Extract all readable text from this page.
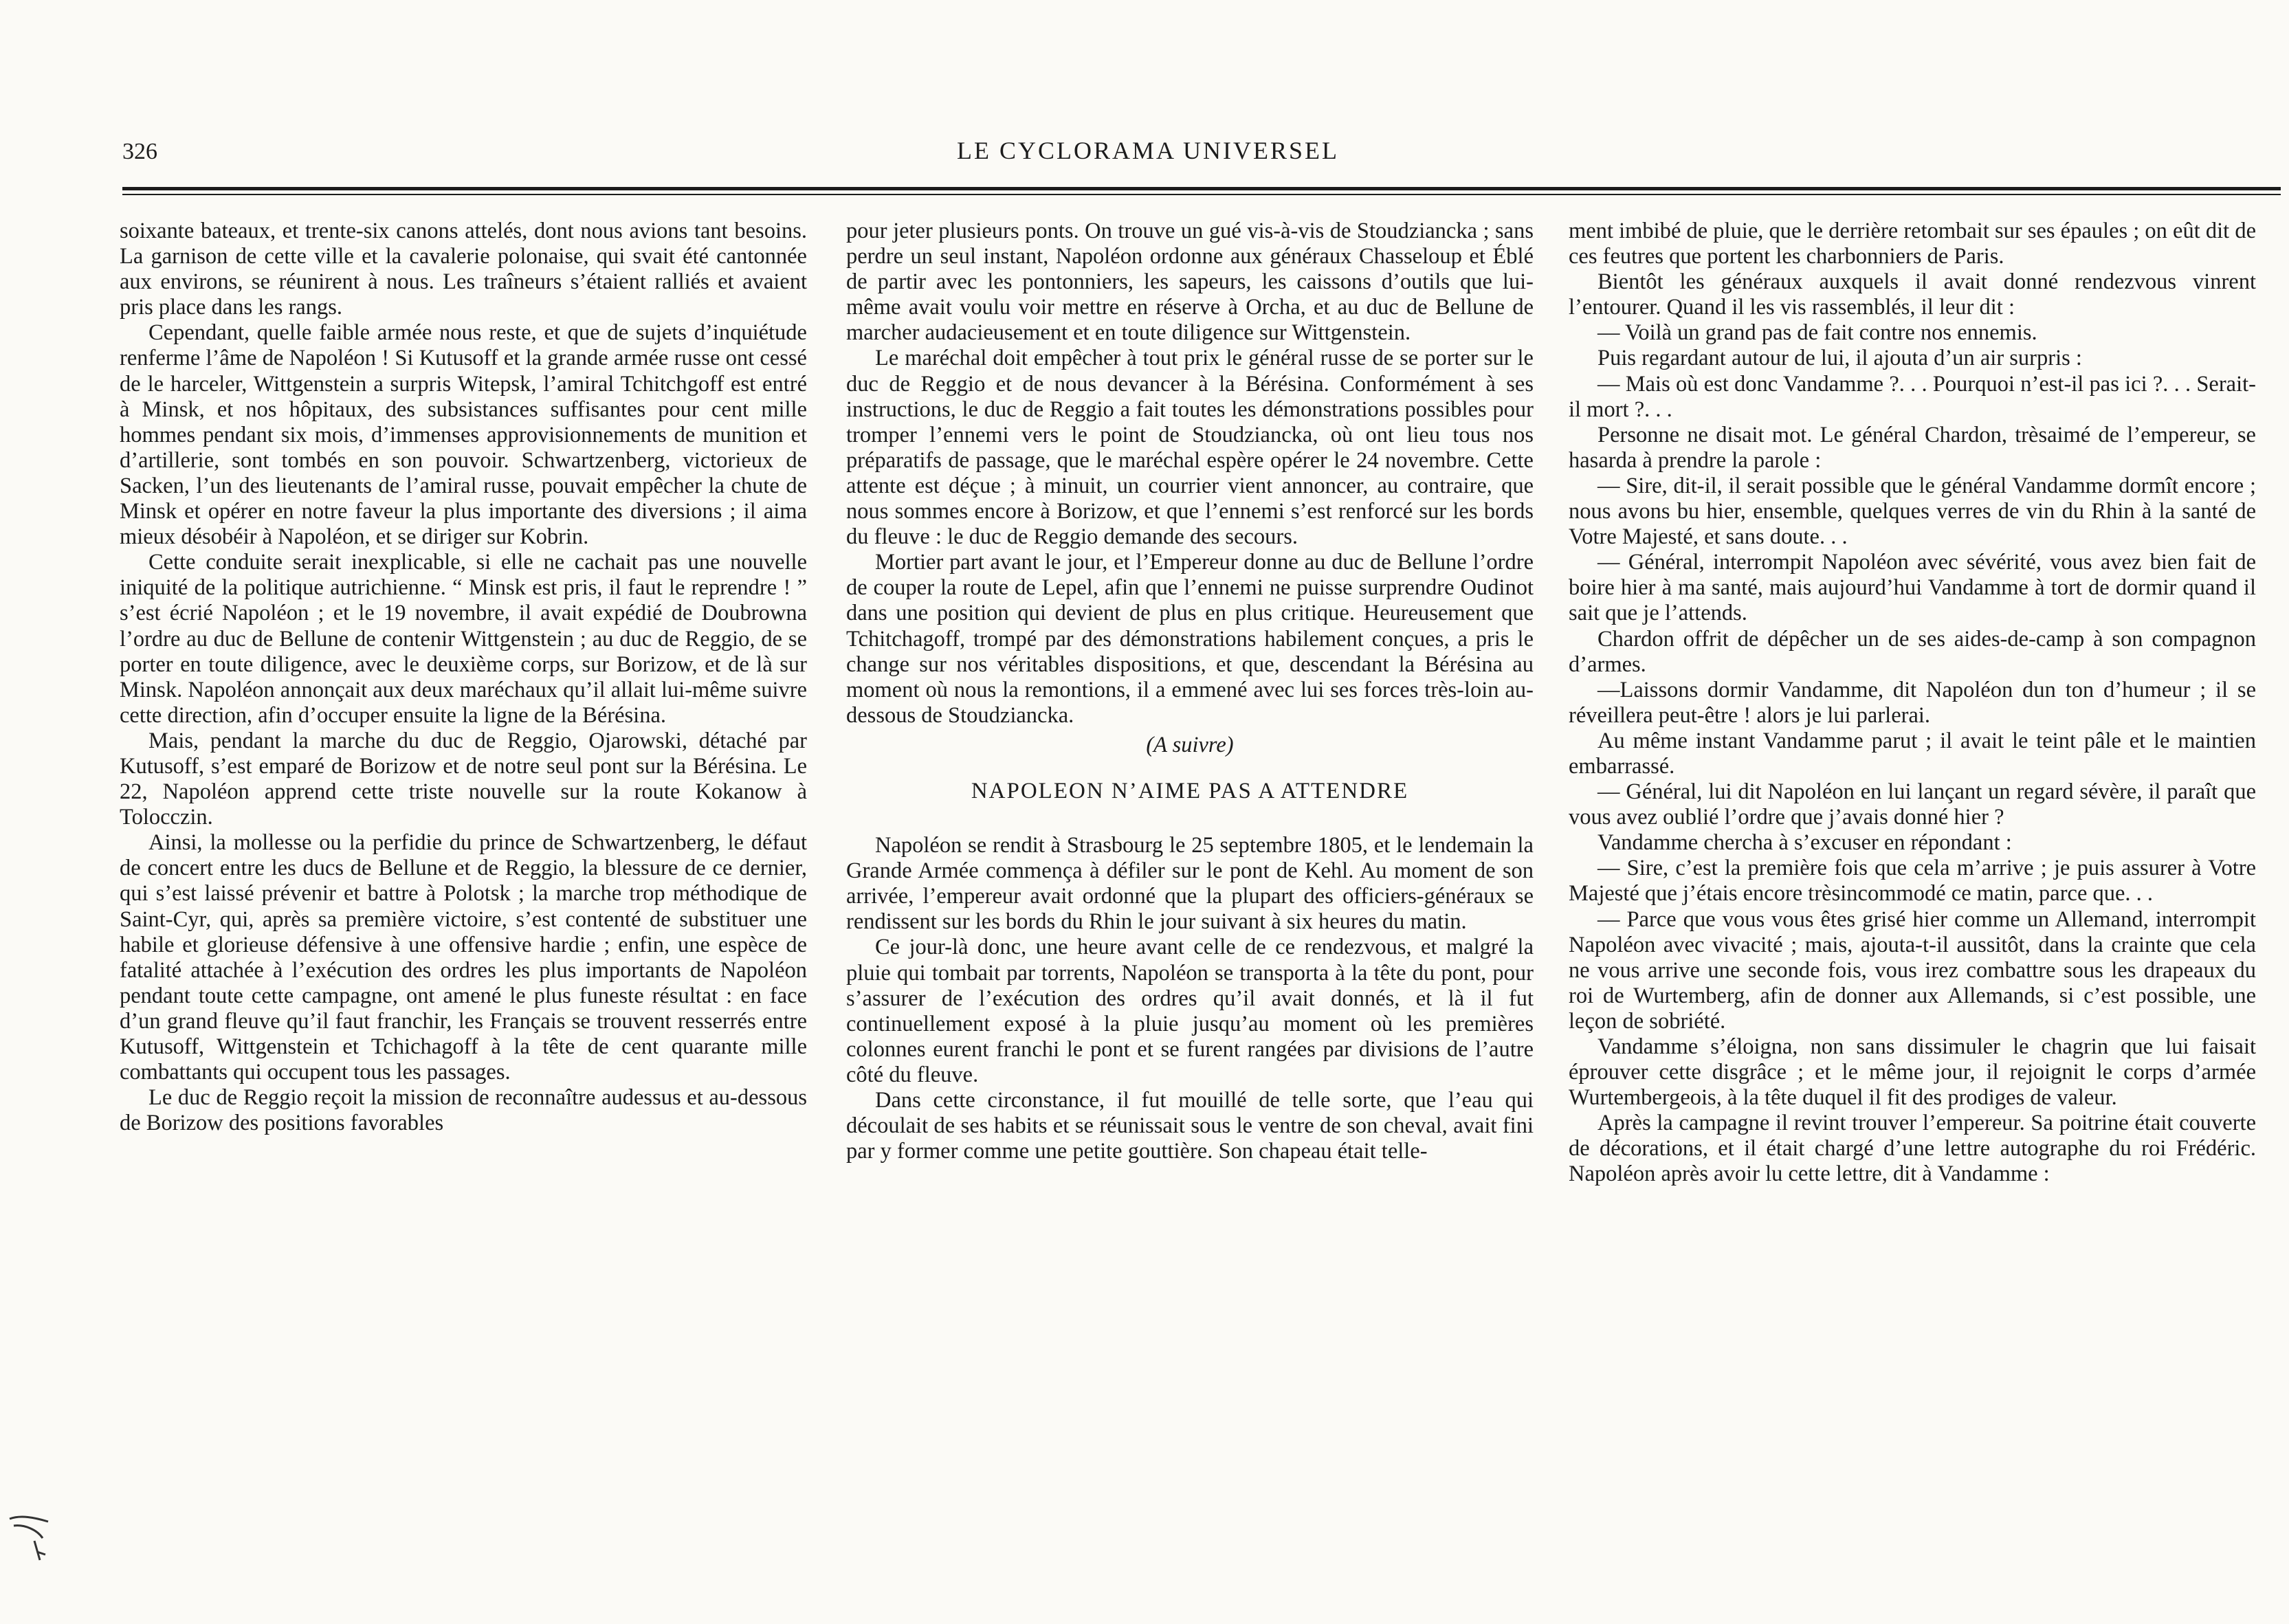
326	LE CYCLORAMA UNIVERSEL

soixante bateaux, et trente-six canons attelés, dont nous avions tant besoins. La garnison de cette ville et la cavalerie polonaise, qui svait été cantonnée aux environs, se réunirent à nous. Les traîneurs s’étaient ralliés et avaient pris place dans les rangs.

Cependant, quelle faible armée nous reste, et que de sujets d’inquiétude renferme l’âme de Napoléon ! Si Kutusoff et la grande armée russe ont cessé de le harceler, Wittgenstein a surpris Witepsk, l’amiral Tchitchgoff est entré à Minsk, et nos hôpitaux, des subsistances suffisantes pour cent mille hommes pendant six mois, d’immenses approvisionnements de munition et d’artillerie, sont tombés en son pouvoir. Schwartzenberg, victorieux de Sacken, l’un des lieutenants de l’amiral russe, pouvait empêcher la chute de Minsk et opérer en notre faveur la plus importante des diversions ; il aima mieux désobéir à Napoléon, et se diriger sur Kobrin.

Cette conduite serait inexplicable, si elle ne cachait pas une nouvelle iniquité de la politique autrichienne. “ Minsk est pris, il faut le reprendre ! ” s’est écrié Napoléon ; et le 19 novembre, il avait expédié de Doubrowna l’ordre au duc de Bellune de contenir Wittgenstein ; au duc de Reggio, de se porter en toute diligence, avec le deuxième corps, sur Borizow, et de là sur Minsk. Napoléon annonçait aux deux maréchaux qu’il allait lui-même suivre cette direction, afin d’occuper ensuite la ligne de la Bérésina.

Mais, pendant la marche du duc de Reggio, Ojarowski, détaché par Kutusoff, s’est emparé de Borizow et de notre seul pont sur la Bérésina. Le 22, Napoléon apprend cette triste nouvelle sur la route Kokanow à Tolocczin.

Ainsi, la mollesse ou la perfidie du prince de Schwartzenberg, le défaut de concert entre les ducs de Bellune et de Reggio, la blessure de ce dernier, qui s’est laissé prévenir et battre à Polotsk ; la marche trop méthodique de Saint-Cyr, qui, après sa première victoire, s’est contenté de substituer une habile et glorieuse défensive à une offensive hardie ; enfin, une espèce de fatalité attachée à l’exécution des ordres les plus importants de Napoléon pendant toute cette campagne, ont amené le plus funeste résultat : en face d’un grand fleuve qu’il faut franchir, les Français se trouvent resserrés entre Kutusoff, Wittgenstein et Tchichagoff à la tête de cent quarante mille combattants qui occupent tous les passages.

Le duc de Reggio reçoit la mission de reconnaître audessus et au-dessous de Borizow des positions favorables

pour jeter plusieurs ponts. On trouve un gué vis-à-vis de Stoudziancka ; sans perdre un seul instant, Napoléon ordonne aux généraux Chasseloup et Éblé de partir avec les pontonniers, les sapeurs, les caissons d’outils que lui-même avait voulu voir mettre en réserve à Orcha, et au duc de Bellune de marcher audacieusement et en toute diligence sur Wittgenstein.

Le maréchal doit empêcher à tout prix le général russe de se porter sur le duc de Reggio et de nous devancer à la Bérésina. Conformément à ses instructions, le duc de Reggio a fait toutes les démonstrations possibles pour tromper l’ennemi vers le point de Stoudziancka, où ont lieu tous nos préparatifs de passage, que le maréchal espère opérer le 24 novembre. Cette attente est déçue ; à minuit, un courrier vient annoncer, au contraire, que nous sommes encore à Borizow, et que l’ennemi s’est renforcé sur les bords du fleuve : le duc de Reggio demande des secours.

Mortier part avant le jour, et l’Empereur donne au duc de Bellune l’ordre de couper la route de Lepel, afin que l’ennemi ne puisse surprendre Oudinot dans une position qui devient de plus en plus critique. Heureusement que Tchitchagoff, trompé par des démonstrations habilement conçues, a pris le change sur nos véritables dispositions, et que, descendant la Bérésina au moment où nous la remontions, il a emmené avec lui ses forces très-loin au-dessous de Stoudziancka.

(A suivre)
NAPOLEON N’AIME PAS A ATTENDRE

Napoléon se rendit à Strasbourg le 25 septembre 1805, et le lendemain la Grande Armée commença à défiler sur le pont de Kehl. Au moment de son arrivée, l’empereur avait ordonné que la plupart des officiers-généraux se rendissent sur les bords du Rhin le jour suivant à six heures du matin.

Ce jour-là donc, une heure avant celle de ce rendezvous, et malgré la pluie qui tombait par torrents, Napoléon se transporta à la tête du pont, pour s’assurer de l’exécution des ordres qu’il avait donnés, et là il fut continuellement exposé à la pluie jusqu’au moment où les premières colonnes eurent franchi le pont et se furent rangées par divisions de l’autre côté du fleuve.

Dans cette circonstance, il fut mouillé de telle sorte, que l’eau qui découlait de ses habits et se réunissait sous le ventre de son cheval, avait fini par y former comme une petite gouttière. Son chapeau était telle-

ment imbibé de pluie, que le derrière retombait sur ses épaules ; on eût dit de ces feutres que portent les charbonniers de Paris.

Bientôt les généraux auxquels il avait donné rendezvous vinrent l’entourer. Quand il les vis rassemblés, il leur dit :

— Voilà un grand pas de fait contre nos ennemis.

Puis regardant autour de lui, il ajouta d’un air surpris :

— Mais où est donc Vandamme ?. . . Pourquoi n’est-il pas ici ?. . . Serait-il mort ?. . .

Personne ne disait mot. Le général Chardon, trèsaimé de l’empereur, se hasarda à prendre la parole :

— Sire, dit-il, il serait possible que le général Vandamme dormît encore ; nous avons bu hier, ensemble, quelques verres de vin du Rhin à la santé de Votre Majesté, et sans doute. . .

— Général, interrompit Napoléon avec sévérité, vous avez bien fait de boire hier à ma santé, mais aujourd’hui Vandamme à tort de dormir quand il sait que je l’attends.

Chardon offrit de dépêcher un de ses aides-de-camp à son compagnon d’armes.

—Laissons dormir Vandamme, dit Napoléon dun ton d’humeur ; il se réveillera peut-être ! alors je lui parlerai.

Au même instant Vandamme parut ; il avait le teint pâle et le maintien embarrassé.

— Général, lui dit Napoléon en lui lançant un regard sévère, il paraît que vous avez oublié l’ordre que j’avais donné hier ?

Vandamme chercha à s’excuser en répondant :

— Sire, c’est la première fois que cela m’arrive ; je puis assurer à Votre Majesté que j’étais encore trèsincommodé ce matin, parce que. . .

— Parce que vous vous êtes grisé hier comme un Allemand, interrompit Napoléon avec vivacité ; mais, ajouta-t-il aussitôt, dans la crainte que cela ne vous arrive une seconde fois, vous irez combattre sous les drapeaux du roi de Wurtemberg, afin de donner aux Allemands, si c’est possible, une leçon de sobriété.

Vandamme s’éloigna, non sans dissimuler le chagrin que lui faisait éprouver cette disgrâce ; et le même jour, il rejoignit le corps d’armée Wurtembergeois, à la tête duquel il fit des prodiges de valeur.

Après la campagne il revint trouver l’empereur. Sa poitrine était couverte de décorations, et il était chargé d’une lettre autographe du roi Frédéric. Napoléon après avoir lu cette lettre, dit à Vandamme :
